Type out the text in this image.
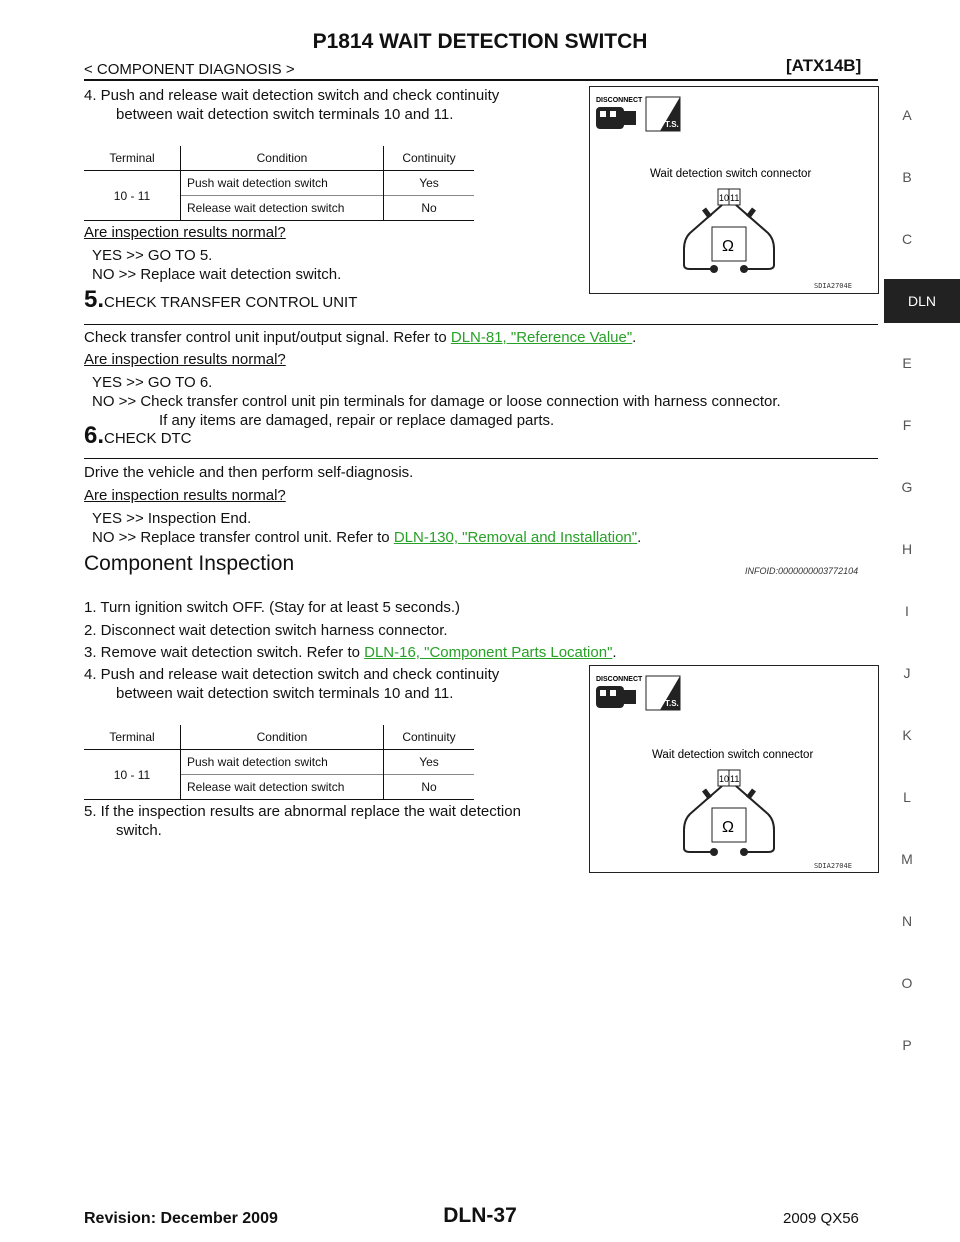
P1814 WAIT DETECTION SWITCH
< COMPONENT DIAGNOSIS >	[ATX14B]
A
B
C
DLN
E
F
G
H
I
J
K
L
M
N
O
P
4. Push and release wait detection switch and check continuity
between wait detection switch terminals 10 and 11.
Terminal	Condition	Continuity
10 - 11	Push wait detection switch	Yes
	Release wait detection switch	No
Are inspection results normal?
YES >> GO TO 5.
NO >> Replace wait detection switch.
DISCONNECT
T.S.
Wait detection switch connector
10 11
Ω
SDIA2704E
5.CHECK TRANSFER CONTROL UNIT
Check transfer control unit input/output signal. Refer to DLN-81, "Reference Value".
Are inspection results normal?
YES >> GO TO 6.
NO >> Check transfer control unit pin terminals for damage or loose connection with harness connector.
If any items are damaged, repair or replace damaged parts.
6.CHECK DTC
Drive the vehicle and then perform self-diagnosis.
Are inspection results normal?
YES >> Inspection End.
NO >> Replace transfer control unit. Refer to DLN-130, "Removal and Installation".
Component Inspection	INFOID:0000000003772104
1. Turn ignition switch OFF. (Stay for at least 5 seconds.)
2. Disconnect wait detection switch harness connector.
3. Remove wait detection switch. Refer to DLN-16, "Component Parts Location".
4. Push and release wait detection switch and check continuity
between wait detection switch terminals 10 and 11.
Terminal	Condition	Continuity
10 - 11	Push wait detection switch	Yes
	Release wait detection switch	No
5. If the inspection results are abnormal replace the wait detection
switch.
DISCONNECT
T.S.
Wait detection switch connector
10 11
Ω
SDIA2704E
DLN-37
Revision: December 2009	2009 QX56
